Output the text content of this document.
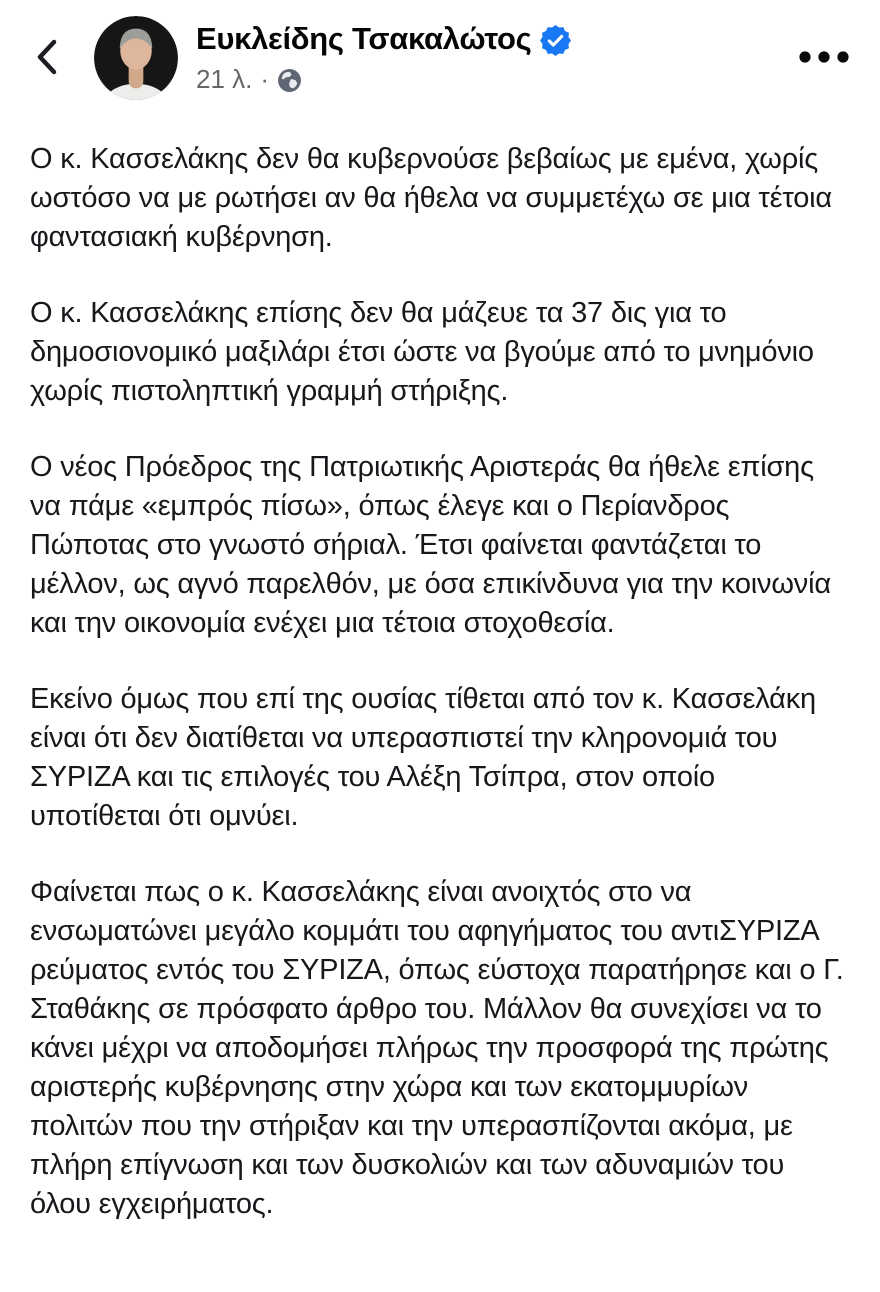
Ευκλείδης Τσακαλώτος
21 λ. ·

Ο κ. Κασσελάκης δεν θα κυβερνούσε βεβαίως με εμένα, χωρίς ωστόσο να με ρωτήσει αν θα ήθελα να συμμετέχω σε μια τέτοια φαντασιακή κυβέρνηση.

Ο κ. Κασσελάκης επίσης δεν θα μάζευε τα 37 δις για το δημοσιονομικό μαξιλάρι έτσι ώστε να βγούμε από το μνημόνιο χωρίς πιστοληπτική γραμμή στήριξης.

Ο νέος Πρόεδρος της Πατριωτικής Αριστεράς θα ήθελε επίσης να πάμε «εμπρός πίσω», όπως έλεγε και ο Περίανδρος Πώποτας στο γνωστό σήριαλ. Έτσι φαίνεται φαντάζεται το μέλλον, ως αγνό παρελθόν, με όσα επικίνδυνα για την κοινωνία και την οικονομία ενέχει μια τέτοια στοχοθεσία.

Εκείνο όμως που επί της ουσίας τίθεται από τον κ. Κασσελάκη είναι ότι δεν διατίθεται να υπερασπιστεί την κληρονομιά του ΣΥΡΙΖΑ και τις επιλογές του Αλέξη Τσίπρα, στον οποίο υποτίθεται ότι ομνύει.

Φαίνεται πως ο κ. Κασσελάκης είναι ανοιχτός στο να ενσωματώνει μεγάλο κομμάτι του αφηγήματος του αντιΣΥΡΙΖΑ ρεύματος εντός του ΣΥΡΙΖΑ, όπως εύστοχα παρατήρησε και ο Γ. Σταθάκης σε πρόσφατο άρθρο του. Μάλλον θα συνεχίσει να το κάνει μέχρι να αποδομήσει πλήρως την προσφορά της πρώτης αριστερής κυβέρνησης στην χώρα και των εκατομμυρίων πολιτών που την στήριξαν και την υπερασπίζονται ακόμα, με πλήρη επίγνωση και των δυσκολιών και των αδυναμιών του όλου εγχειρήματος.
